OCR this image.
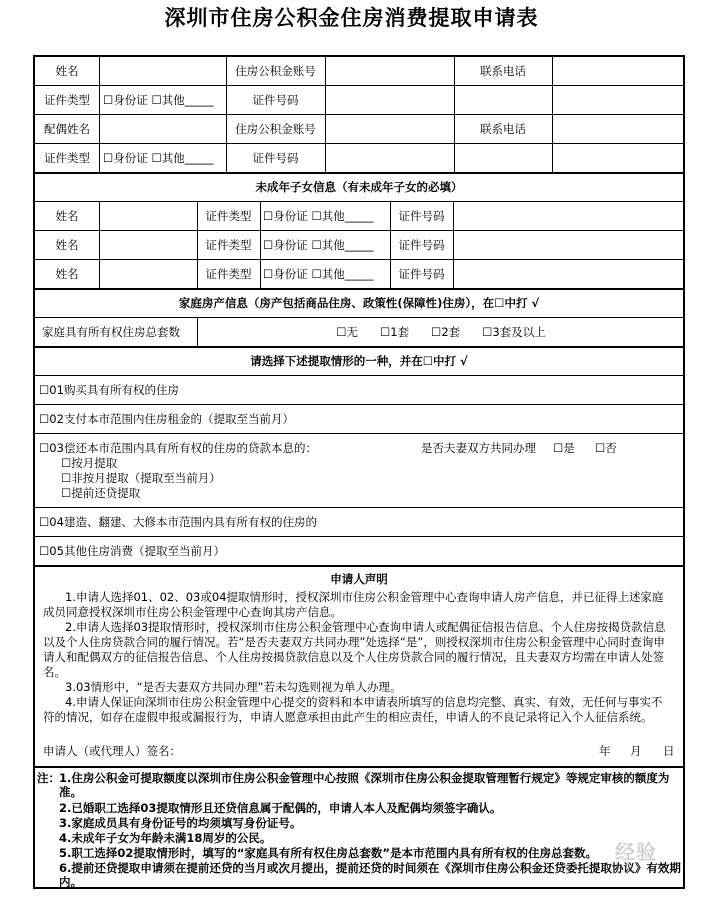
深圳市住房公积金住房消费提取申请表
姓名	住房公积金账号	联系电话
证件类型	☐身份证 ☐其他_____	证件号码
配偶姓名	住房公积金账号	联系电话
证件类型	☐身份证 ☐其他_____	证件号码
未成年子女信息（有未成年子女的必填）
姓名	证件类型	☐身份证 ☐其他_____	证件号码
姓名	证件类型	☐身份证 ☐其他_____	证件号码
姓名	证件类型	☐身份证 ☐其他_____	证件号码
家庭房产信息（房产包括商品住房、政策性(保障性)住房），在☐中打 √
家庭具有所有权住房总套数	☐无      ☐1套      ☐2套      ☐3套及以上
请选择下述提取情形的一种，并在☐中打 √
☐01购买具有所有权的住房
☐02支付本市范围内住房租金的（提取至当前月）
☐03偿还本市范围内具有所有权的住房的贷款本息的：	是否夫妻双方共同办理 ☐是 ☐否
☐按月提取
☐非按月提取（提取至当前月）
☐提前还贷提取
☐04建造、翻建、大修本市范围内具有所有权的住房的
☐05其他住房消费（提取至当前月）
申请人声明
1.申请人选择01、02、03或04提取情形时，授权深圳市住房公积金管理中心查询申请人房产信息，并已征得上述家庭成员同意授权深圳市住房公积金管理中心查询其房产信息。
2.申请人选择03提取情形时，授权深圳市住房公积金管理中心查询申请人或配偶征信报告信息、个人住房按揭贷款信息以及个人住房贷款合同的履行情况。若“是否夫妻双方共同办理”处选择“是”，则授权深圳市住房公积金管理中心同时查询申请人和配偶双方的征信报告信息、个人住房按揭贷款信息以及个人住房贷款合同的履行情况，且夫妻双方均需在申请人处签名。
3.03情形中，“是否夫妻双方共同办理”若未勾选则视为单人办理。
4.申请人保证向深圳市住房公积金管理中心提交的资料和本申请表所填写的信息均完整、真实、有效，无任何与事实不符的情况，如存在虚假申报或漏报行为，申请人愿意承担由此产生的相应责任，申请人的不良记录将记入个人征信系统。
申请人（或代理人）签名：	年 月 日
注： 1.住房公积金可提取额度以深圳市住房公积金管理中心按照《深圳市住房公积金提取管理暂行规定》等规定审核的额度为准。
2.已婚职工选择03提取情形且还贷信息属于配偶的，申请人本人及配偶均须签字确认。
3.家庭成员具有身份证号的均须填写身份证号。
4.未成年子女为年龄未满18周岁的公民。
5.职工选择02提取情形时，填写的“家庭具有所有权住房总套数”是本市范围内具有所有权的住房总套数。
6.提前还贷提取申请须在提前还贷的当月或次月提出，提前还贷的时间须在《深圳市住房公积金还贷委托提取协议》有效期内。
经验
